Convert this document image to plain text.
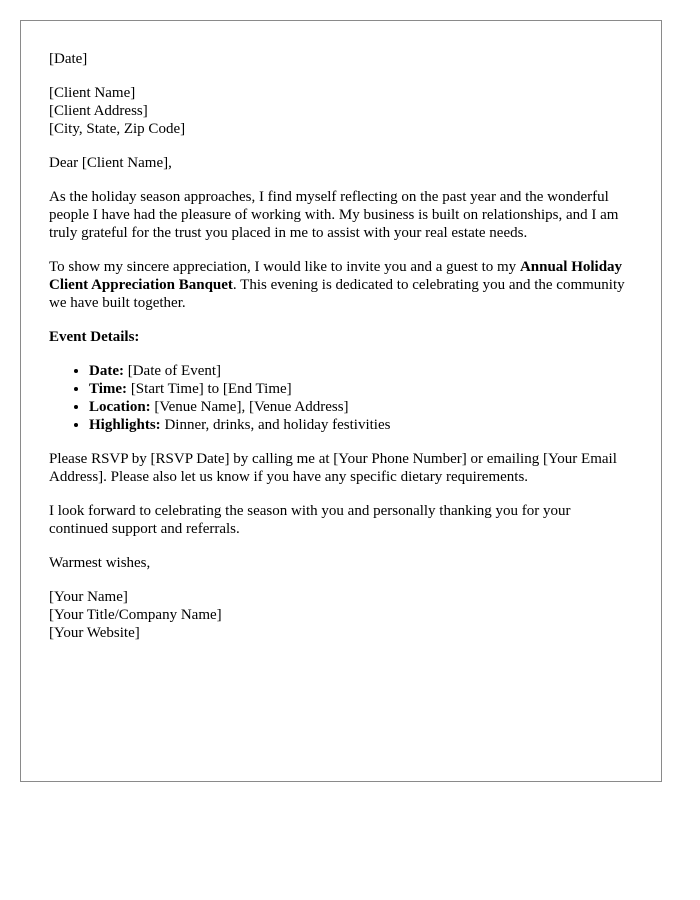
[Date]

[Client Name]
[Client Address]
[City, State, Zip Code]

Dear [Client Name],

As the holiday season approaches, I find myself reflecting on the past year and the wonderful people I have had the pleasure of working with. My business is built on relationships, and I am truly grateful for the trust you placed in me to assist with your real estate needs.

To show my sincere appreciation, I would like to invite you and a guest to my Annual Holiday Client Appreciation Banquet. This evening is dedicated to celebrating you and the community we have built together.

Event Details:

• Date: [Date of Event]
• Time: [Start Time] to [End Time]
• Location: [Venue Name], [Venue Address]
• Highlights: Dinner, drinks, and holiday festivities

Please RSVP by [RSVP Date] by calling me at [Your Phone Number] or emailing [Your Email Address]. Please also let us know if you have any specific dietary requirements.

I look forward to celebrating the season with you and personally thanking you for your continued support and referrals.

Warmest wishes,

[Your Name]
[Your Title/Company Name]
[Your Website]
